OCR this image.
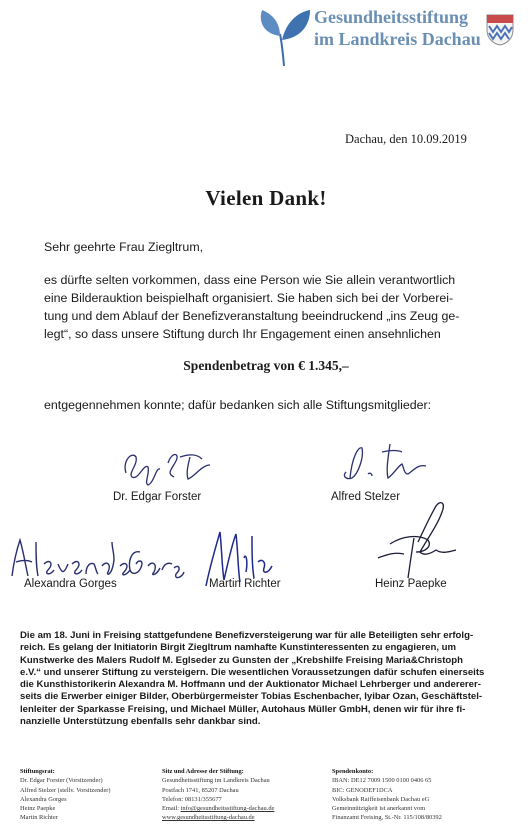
Gesundheitsstiftung
im Landkreis Dachau
Dachau, den 10.09.2019
Vielen Dank!
Sehr geehrte Frau Ziegltrum,
es dürfte selten vorkommen, dass eine Person wie Sie allein verantwortlich
eine Bilderauktion beispielhaft organisiert. Sie haben sich bei der Vorberei-
tung und dem Ablauf der Benefizveranstaltung beeindruckend „ins Zeug ge-
legt“, so dass unsere Stiftung durch Ihr Engagement einen ansehnlichen
Spendenbetrag von € 1.345,–
entgegennehmen konnte; dafür bedanken sich alle Stiftungsmitglieder:
Dr. Edgar Forster	Alfred Stelzer
Alexandra Gorges	Martin Richter	Heinz Paepke
Die am 18. Juni in Freising stattgefundene Benefizversteigerung war für alle Beteiligten sehr erfolg-
reich. Es gelang der Initiatorin Birgit Ziegltrum namhafte Kunstinteressenten zu engagieren, um
Kunstwerke des Malers Rudolf M. Eglseder zu Gunsten der „Krebshilfe Freising Maria&Christoph
e.V.“ und unserer Stiftung zu versteigern. Die wesentlichen Voraussetzungen dafür schufen einerseits
die Kunsthistorikerin Alexandra M. Hoffmann und der Auktionator Michael Lehrberger und andererer-
seits die Erwerber einiger Bilder, Oberbürgermeister Tobias Eschenbacher, Iyibar Ozan, Geschäftstel-
lenleiter der Sparkasse Freising, und Michael Müller, Autohaus Müller GmbH, denen wir für ihre fi-
nanzielle Unterstützung ebenfalls sehr dankbar sind.
Stiftungsrat:
Dr. Edgar Forster (Vorsitzender)
Alfred Stelzer (stellv. Vorsitzender)
Alexandra Gorges
Heinz Paepke
Martin Richter
Sitz und Adresse der Stiftung:
Gesundheitsstiftung im Landkreis Dachau
Postfach 1741, 85207 Dachau
Telefon: 08131/355677
Email: info@gesundheitsstiftung-dachau.de
www.gesundheitsstiftung-dachau.de
Spendenkonto:
IBAN: DE12 7009 1500 0100 0406 65
BIC: GENODEF1DCA
Volksbank Raiffeisenbank Dachau eG
Gemeinnützigkeit ist anerkannt vom
Finanzamt Freising, St.-Nr. 115/108/80392
